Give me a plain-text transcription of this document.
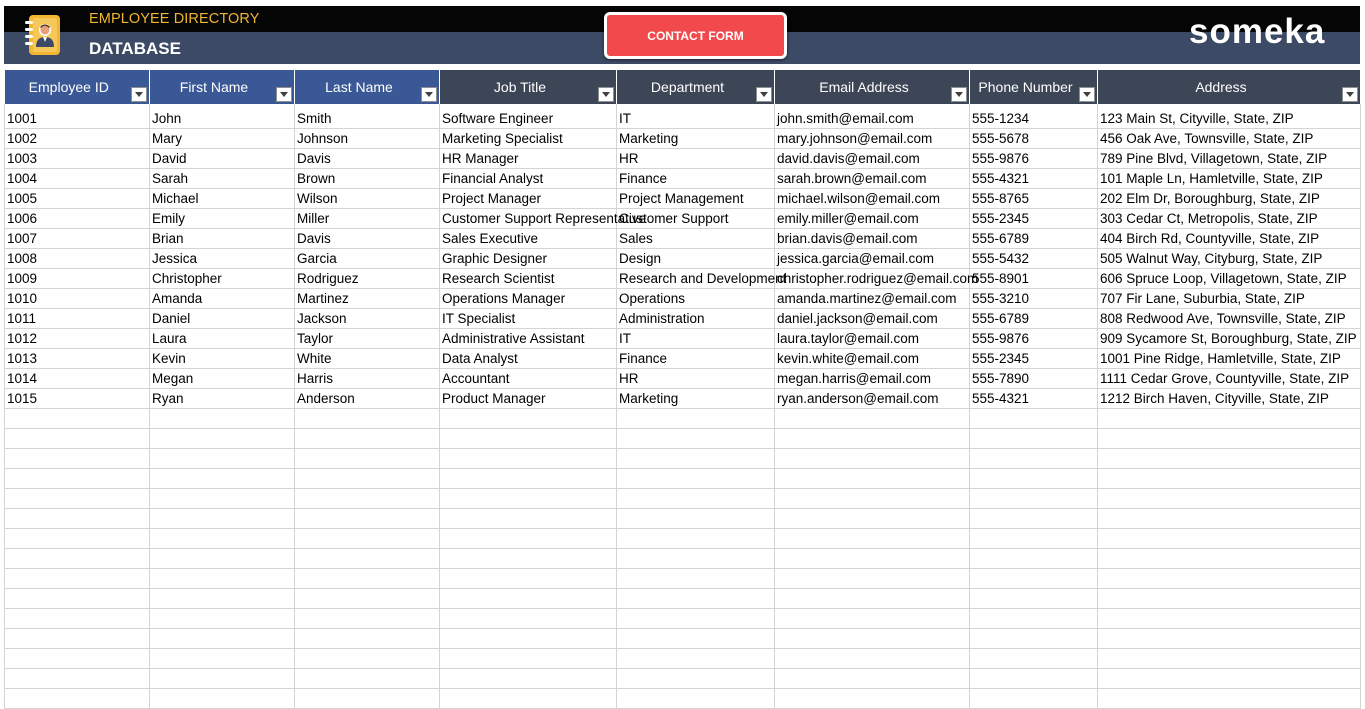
EMPLOYEE DIRECTORY
DATABASE
CONTACT FORM	someka
Employee ID	First Name	Last Name	Job Title	Department	Email Address	Phone Number	Address

1001	John	Smith	Software Engineer	IT	john.smith@email.com	555-1234	123 Main St, Cityville, State, ZIP
1002	Mary	Johnson	Marketing Specialist	Marketing	mary.johnson@email.com	555-5678	456 Oak Ave, Townsville, State, ZIP
1003	David	Davis	HR Manager	HR	david.davis@email.com	555-9876	789 Pine Blvd, Villagetown, State, ZIP
1004	Sarah	Brown	Financial Analyst	Finance	sarah.brown@email.com	555-4321	101 Maple Ln, Hamletville, State, ZIP
1005	Michael	Wilson	Project Manager	Project Management	michael.wilson@email.com	555-8765	202 Elm Dr, Boroughburg, State, ZIP
1006	Emily	Miller	Customer Support Representative	Customer Support	emily.miller@email.com	555-2345	303 Cedar Ct, Metropolis, State, ZIP
1007	Brian	Davis	Sales Executive	Sales	brian.davis@email.com	555-6789	404 Birch Rd, Countyville, State, ZIP
1008	Jessica	Garcia	Graphic Designer	Design	jessica.garcia@email.com	555-5432	505 Walnut Way, Cityburg, State, ZIP
1009	Christopher	Rodriguez	Research Scientist	Research and Development	christopher.rodriguez@email.com	555-8901	606 Spruce Loop, Villagetown, State, ZIP
1010	Amanda	Martinez	Operations Manager	Operations	amanda.martinez@email.com	555-3210	707 Fir Lane, Suburbia, State, ZIP
1011	Daniel	Jackson	IT Specialist	Administration	daniel.jackson@email.com	555-6789	808 Redwood Ave, Townsville, State, ZIP
1012	Laura	Taylor	Administrative Assistant	IT	laura.taylor@email.com	555-9876	909 Sycamore St, Boroughburg, State, ZIP
1013	Kevin	White	Data Analyst	Finance	kevin.white@email.com	555-2345	1001 Pine Ridge, Hamletville, State, ZIP
1014	Megan	Harris	Accountant	HR	megan.harris@email.com	555-7890	1111 Cedar Grove, Countyville, State, ZIP
1015	Ryan	Anderson	Product Manager	Marketing	ryan.anderson@email.com	555-4321	1212 Birch Haven, Cityville, State, ZIP
